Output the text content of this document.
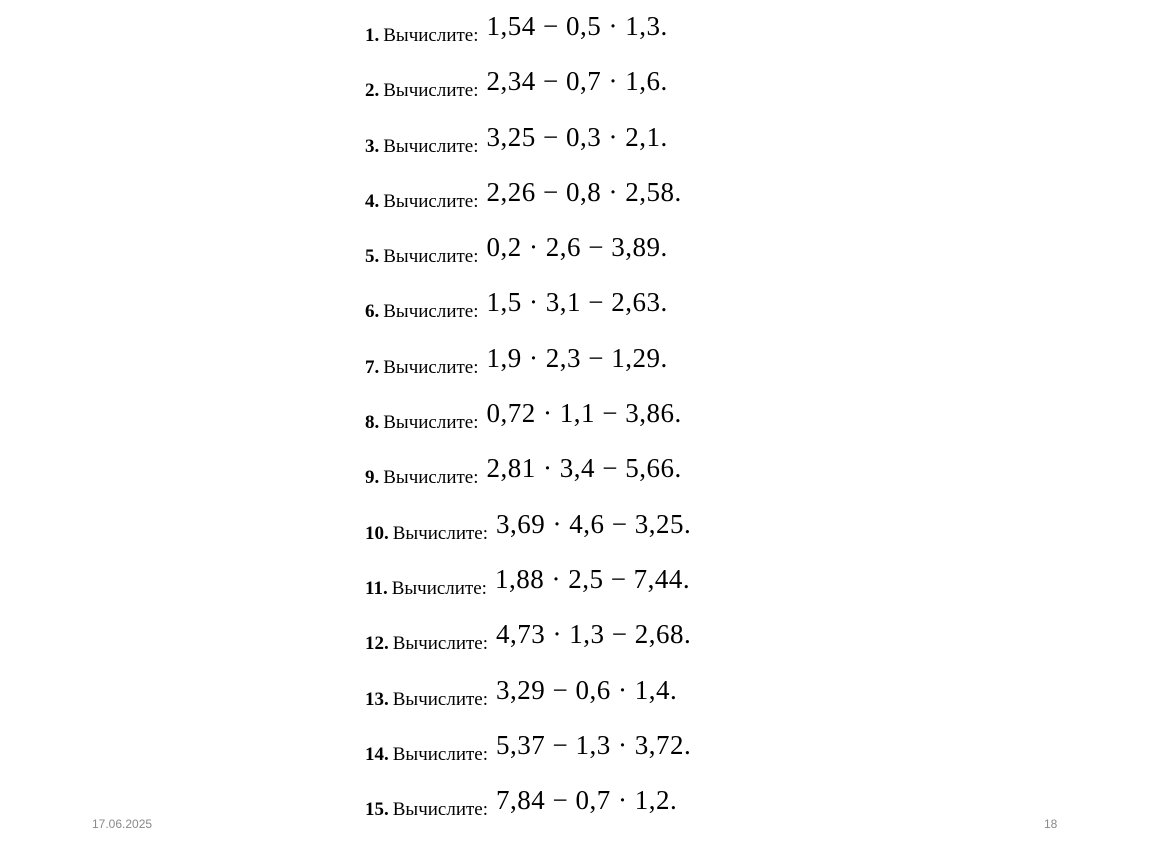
1. Вычислите: 1,54 − 0,5 · 1,3.
2. Вычислите: 2,34 − 0,7 · 1,6.
3. Вычислите: 3,25 − 0,3 · 2,1.
4. Вычислите: 2,26 − 0,8 · 2,58.
5. Вычислите: 0,2 · 2,6 − 3,89.
6. Вычислите: 1,5 · 3,1 − 2,63.
7. Вычислите: 1,9 · 2,3 − 1,29.
8. Вычислите: 0,72 · 1,1 − 3,86.
9. Вычислите: 2,81 · 3,4 − 5,66.
10. Вычислите: 3,69 · 4,6 − 3,25.
11. Вычислите: 1,88 · 2,5 − 7,44.
12. Вычислите: 4,73 · 1,3 − 2,68.
13. Вычислите: 3,29 − 0,6 · 1,4.
14. Вычислите: 5,37 − 1,3 · 3,72.
15. Вычислите: 7,84 − 0,7 · 1,2.
17.06.2025	18
